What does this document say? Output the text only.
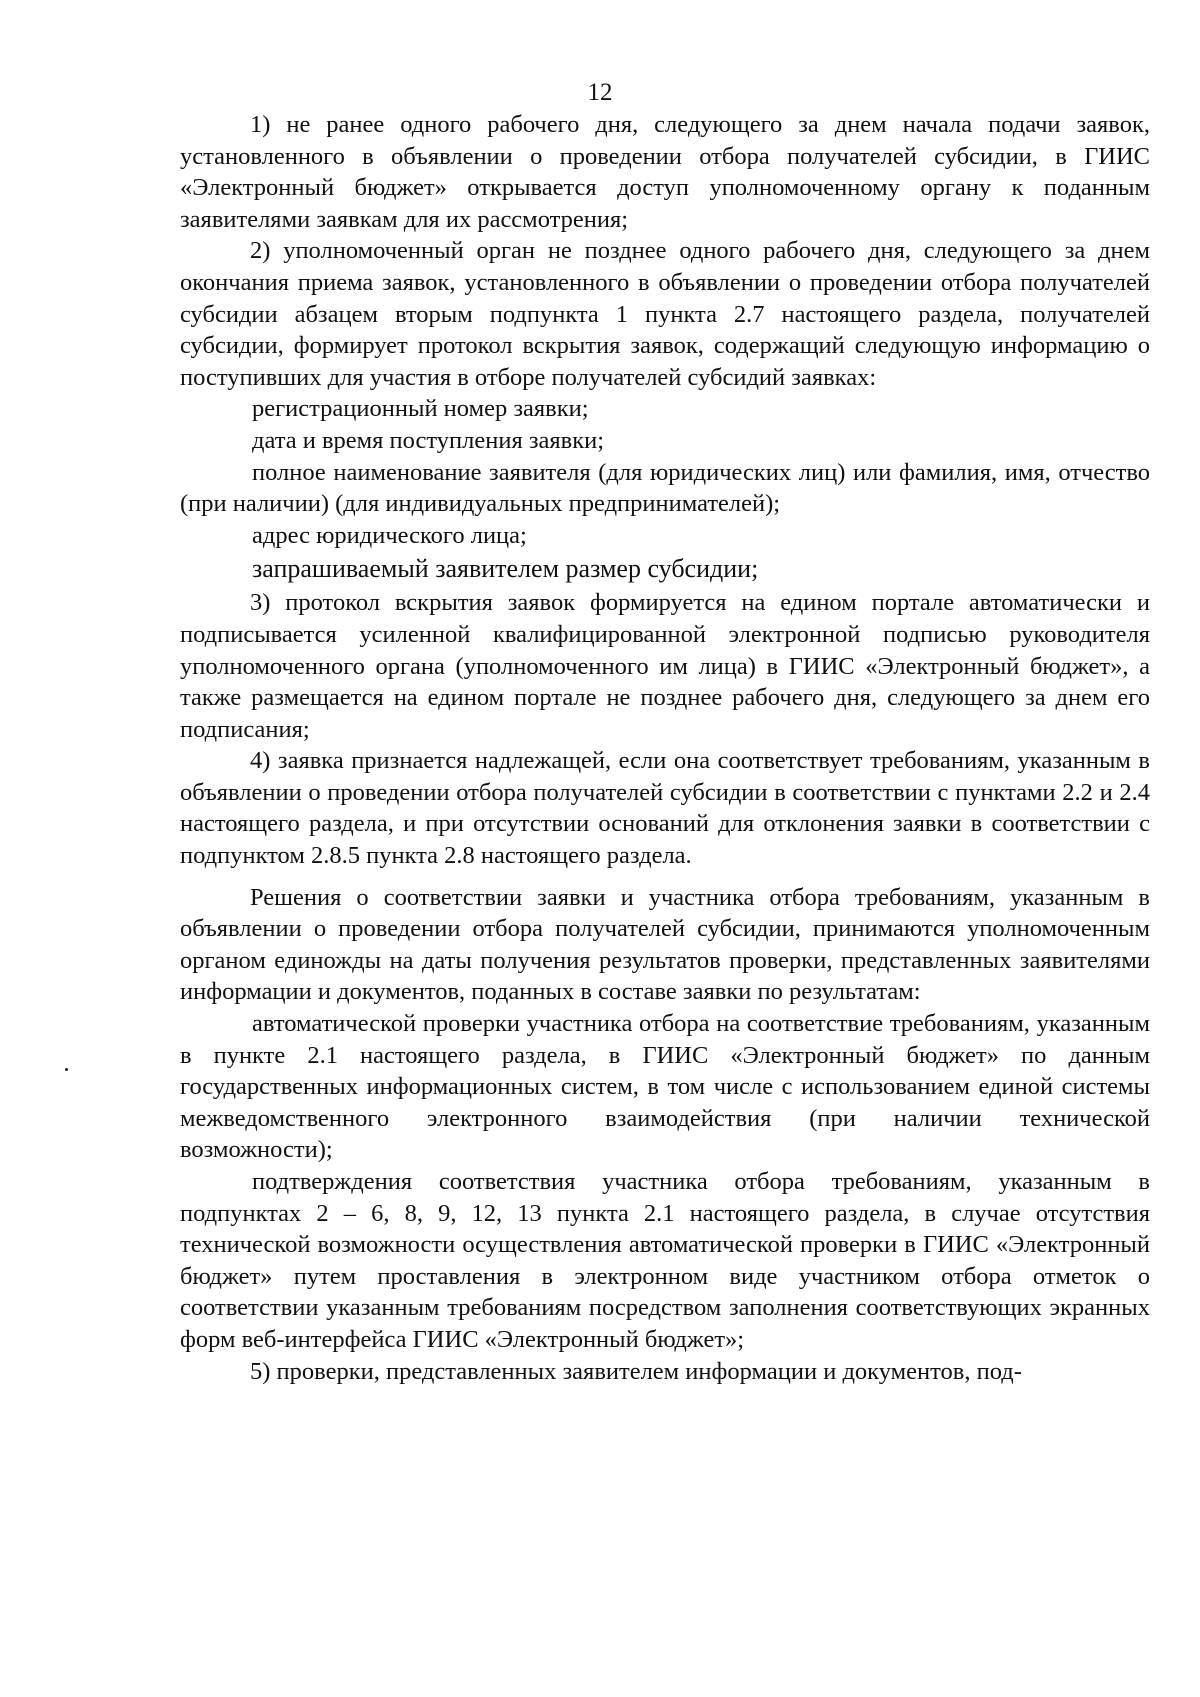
12

1) не ранее одного рабочего дня, следующего за днем начала подачи заявок, установленного в объявлении о проведении отбора получателей субсидии, в ГИИС «Электронный бюджет» открывается доступ уполномоченному органу к поданным заявителями заявкам для их рассмотрения;

2) уполномоченный орган не позднее одного рабочего дня, следующего за днем окончания приема заявок, установленного в объявлении о проведении отбора получателей субсидии абзацем вторым подпункта 1 пункта 2.7 настоящего раздела, получателей субсидии, формирует протокол вскрытия заявок, содержащий следующую информацию о поступивших для участия в отборе получателей субсидий заявках:

регистрационный номер заявки;

дата и время поступления заявки;

полное наименование заявителя (для юридических лиц) или фамилия, имя, отчество (при наличии) (для индивидуальных предпринимателей);

адрес юридического лица;

запрашиваемый заявителем размер субсидии;

3) протокол вскрытия заявок формируется на едином портале автоматически и подписывается усиленной квалифицированной электронной подписью руководителя уполномоченного органа (уполномоченного им лица) в ГИИС «Электронный бюджет», а также размещается на едином портале не позднее рабочего дня, следующего за днем его подписания;

4) заявка признается надлежащей, если она соответствует требованиям, указанным в объявлении о проведении отбора получателей субсидии в соответствии с пунктами 2.2 и 2.4 настоящего раздела, и при отсутствии оснований для отклонения заявки в соответствии с подпунктом 2.8.5 пункта 2.8 настоящего раздела.

Решения о соответствии заявки и участника отбора требованиям, указанным в объявлении о проведении отбора получателей субсидии, принимаются уполномоченным органом единожды на даты получения результатов проверки, представленных заявителями информации и документов, поданных в составе заявки по результатам:

автоматической проверки участника отбора на соответствие требованиям, указанным в пункте 2.1 настоящего раздела, в ГИИС «Электронный бюджет» по данным государственных информационных систем, в том числе с использованием единой системы межведомственного электронного взаимодействия (при наличии технической возможности);

подтверждения соответствия участника отбора требованиям, указанным в подпунктах 2 – 6, 8, 9, 12, 13 пункта 2.1 настоящего раздела, в случае отсутствия технической возможности осуществления автоматической проверки в ГИИС «Электронный бюджет» путем проставления в электронном виде участником отбора отметок о соответствии указанным требованиям посредством заполнения соответствующих экранных форм веб-интерфейса ГИИС «Электронный бюджет»;

5) проверки, представленных заявителем информации и документов, под-
